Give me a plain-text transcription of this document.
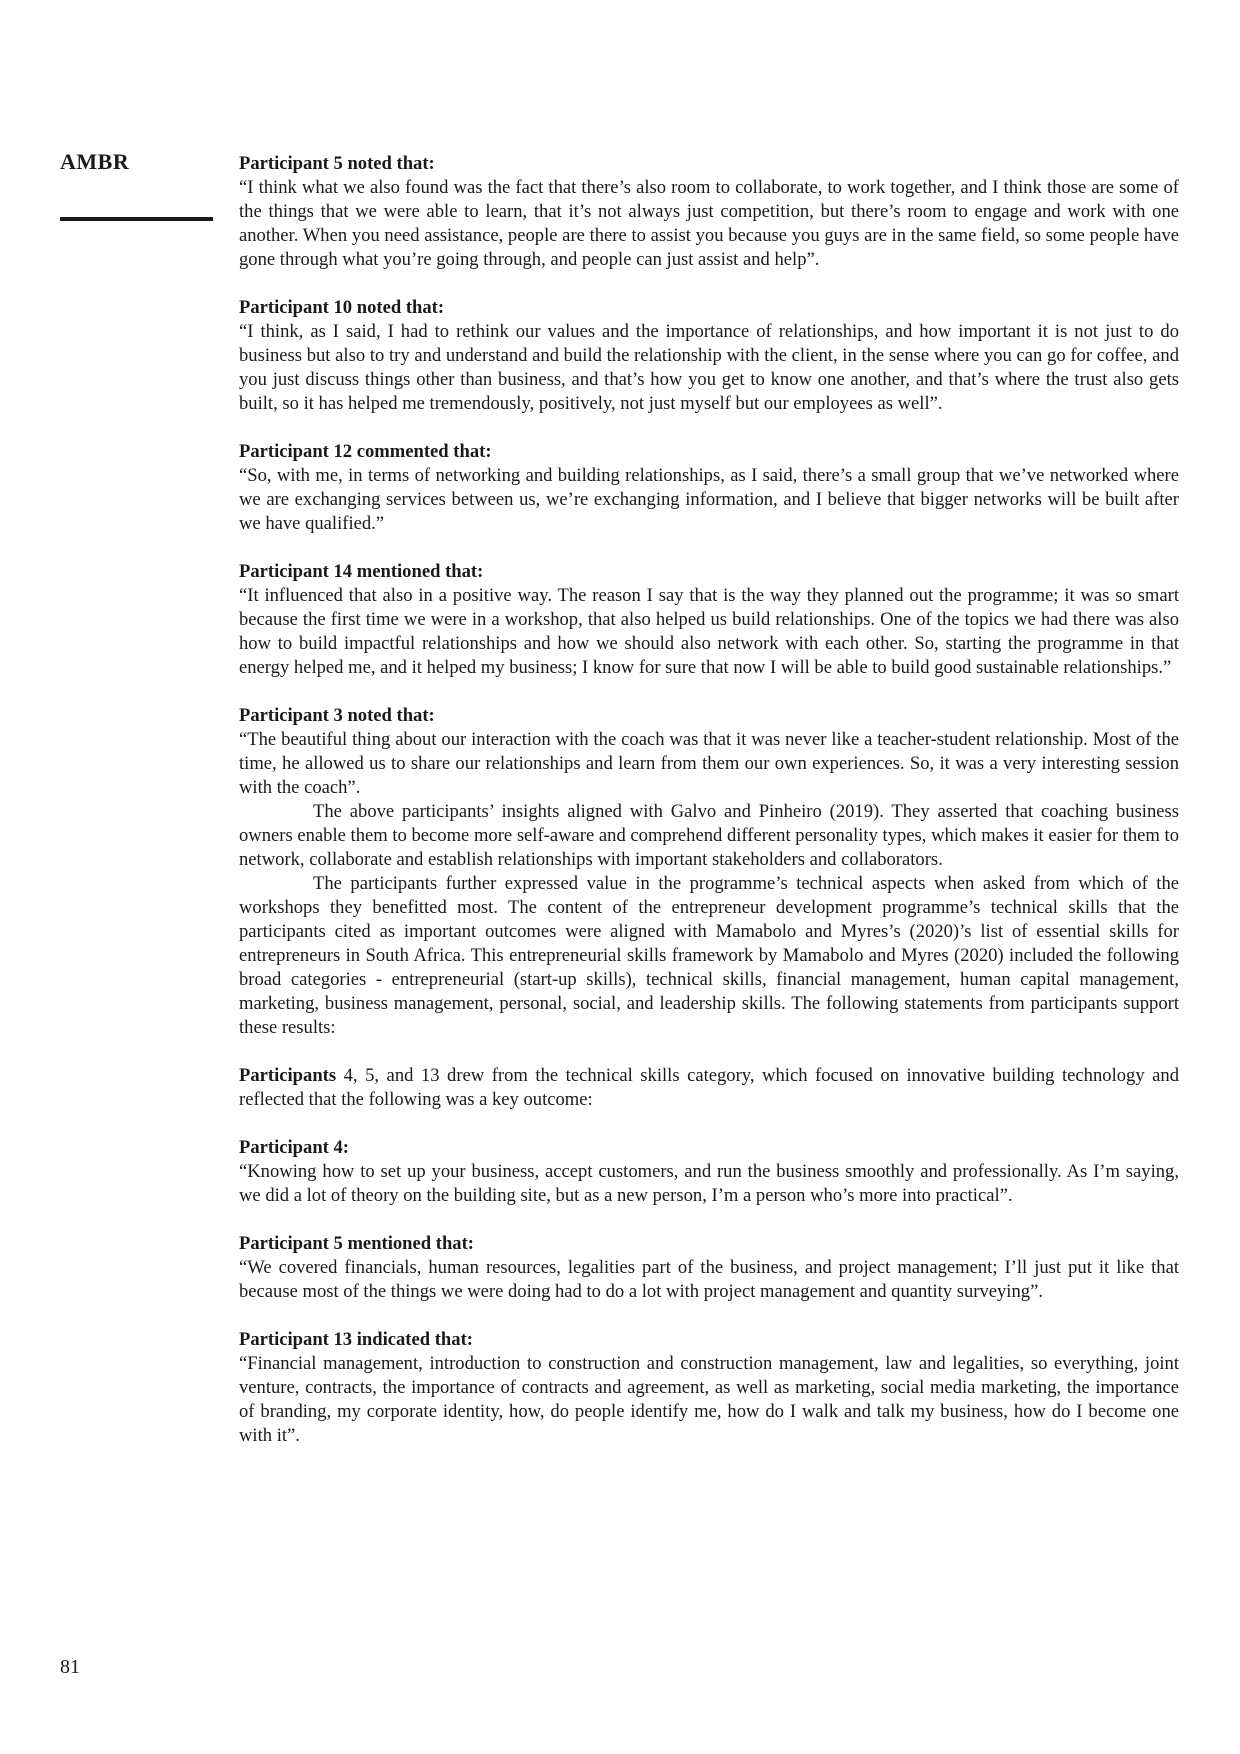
AMBR	Participant 5 noted that:

“I think what we also found was the fact that there’s also room to collaborate, to work together, and I think those are some of the things that we were able to learn, that it’s not always just competition, but there’s room to engage and work with one another. When you need assistance, people are there to assist you because you guys are in the same field, so some people have gone through what you’re going through, and people can just assist and help”.

Participant 10 noted that:

“I think, as I said, I had to rethink our values and the importance of relationships, and how important it is not just to do business but also to try and understand and build the relationship with the client, in the sense where you can go for coffee, and you just discuss things other than business, and that’s how you get to know one another, and that’s where the trust also gets built, so it has helped me tremendously, positively, not just myself but our employees as well”.

Participant 12 commented that:

“So, with me, in terms of networking and building relationships, as I said, there’s a small group that we’ve networked where we are exchanging services between us, we’re exchanging information, and I believe that bigger networks will be built after we have qualified.”

Participant 14 mentioned that:

“It influenced that also in a positive way. The reason I say that is the way they planned out the programme; it was so smart because the first time we were in a workshop, that also helped us build relationships. One of the topics we had there was also how to build impactful relationships and how we should also network with each other. So, starting the programme in that energy helped me, and it helped my business; I know for sure that now I will be able to build good sustainable relationships.”

Participant 3 noted that:

“The beautiful thing about our interaction with the coach was that it was never like a teacher-student relationship. Most of the time, he allowed us to share our relationships and learn from them our own experiences. So, it was a very interesting session with the coach”.

The above participants’ insights aligned with Galvo and Pinheiro (2019). They asserted that coaching business owners enable them to become more self-aware and comprehend different personality types, which makes it easier for them to network, collaborate and establish relationships with important stakeholders and collaborators.

The participants further expressed value in the programme’s technical aspects when asked from which of the workshops they benefitted most. The content of the entrepreneur development programme’s technical skills that the participants cited as important outcomes were aligned with Mamabolo and Myres’s (2020)’s list of essential skills for entrepreneurs in South Africa. This entrepreneurial skills framework by Mamabolo and Myres (2020) included the following broad categories - entrepreneurial (start-up skills), technical skills, financial management, human capital management, marketing, business management, personal, social, and leadership skills. The following statements from participants support these results:

Participants 4, 5, and 13 drew from the technical skills category, which focused on innovative building technology and reflected that the following was a key outcome:

Participant 4:

“Knowing how to set up your business, accept customers, and run the business smoothly and professionally. As I’m saying, we did a lot of theory on the building site, but as a new person, I’m a person who’s more into practical”.

Participant 5 mentioned that:

“We covered financials, human resources, legalities part of the business, and project management; I’ll just put it like that because most of the things we were doing had to do a lot with project management and quantity surveying”.

Participant 13 indicated that:

“Financial management, introduction to construction and construction management, law and legalities, so everything, joint venture, contracts, the importance of contracts and agreement, as well as marketing, social media marketing, the importance of branding, my corporate identity, how, do people identify me, how do I walk and talk my business, how do I become one with it”.

81
